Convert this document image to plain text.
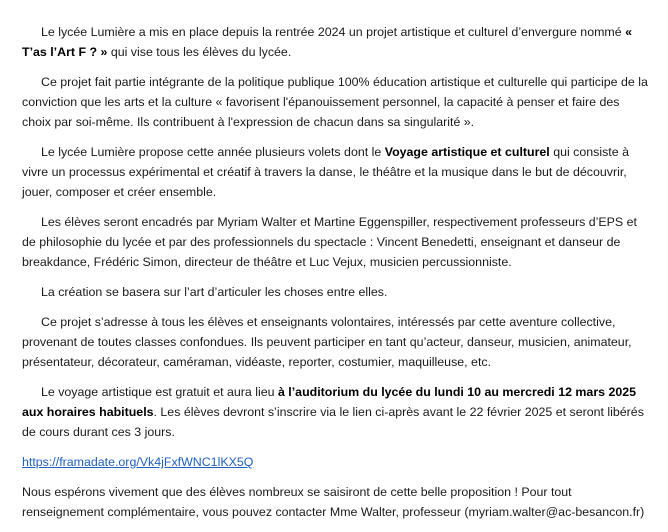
Le lycée Lumière a mis en place depuis la rentrée 2024 un projet artistique et culturel d’envergure nommé « T’as l’Art F ? » qui vise tous les élèves du lycée.

Ce projet fait partie intégrante de la politique publique 100% éducation artistique et culturelle qui participe de la conviction que les arts et la culture « favorisent l'épanouissement personnel, la capacité à penser et faire des choix par soi-même. Ils contribuent à l'expression de chacun dans sa singularité ».

Le lycée Lumière propose cette année plusieurs volets dont le Voyage artistique et culturel qui consiste à vivre un processus expérimental et créatif à travers la danse, le théâtre et la musique dans le but de découvrir, jouer, composer et créer ensemble.

Les élèves seront encadrés par Myriam Walter et Martine Eggenspiller, respectivement professeurs d’EPS et de philosophie du lycée et par des professionnels du spectacle : Vincent Benedetti, enseignant et danseur de breakdance, Frédéric Simon, directeur de théâtre et Luc Vejux, musicien percussionniste.

La création se basera sur l’art d’articuler les choses entre elles.

Ce projet s’adresse à tous les élèves et enseignants volontaires, intéressés par cette aventure collective, provenant de toutes classes confondues. Ils peuvent participer en tant qu’acteur, danseur, musicien, animateur, présentateur, décorateur, caméraman, vidéaste, reporter, costumier, maquilleuse, etc.

Le voyage artistique est gratuit et aura lieu à l’auditorium du lycée du lundi 10 au mercredi 12 mars 2025 aux horaires habituels. Les élèves devront s’inscrire via le lien ci-après avant le 22 février 2025 et seront libérés de cours durant ces 3 jours.

https://framadate.org/Vk4jFxfWNC1lKX5Q

Nous espérons vivement que des élèves nombreux se saisiront de cette belle proposition ! Pour tout renseignement complémentaire, vous pouvez contacter Mme Walter, professeur (myriam.walter@ac-besancon.fr)
